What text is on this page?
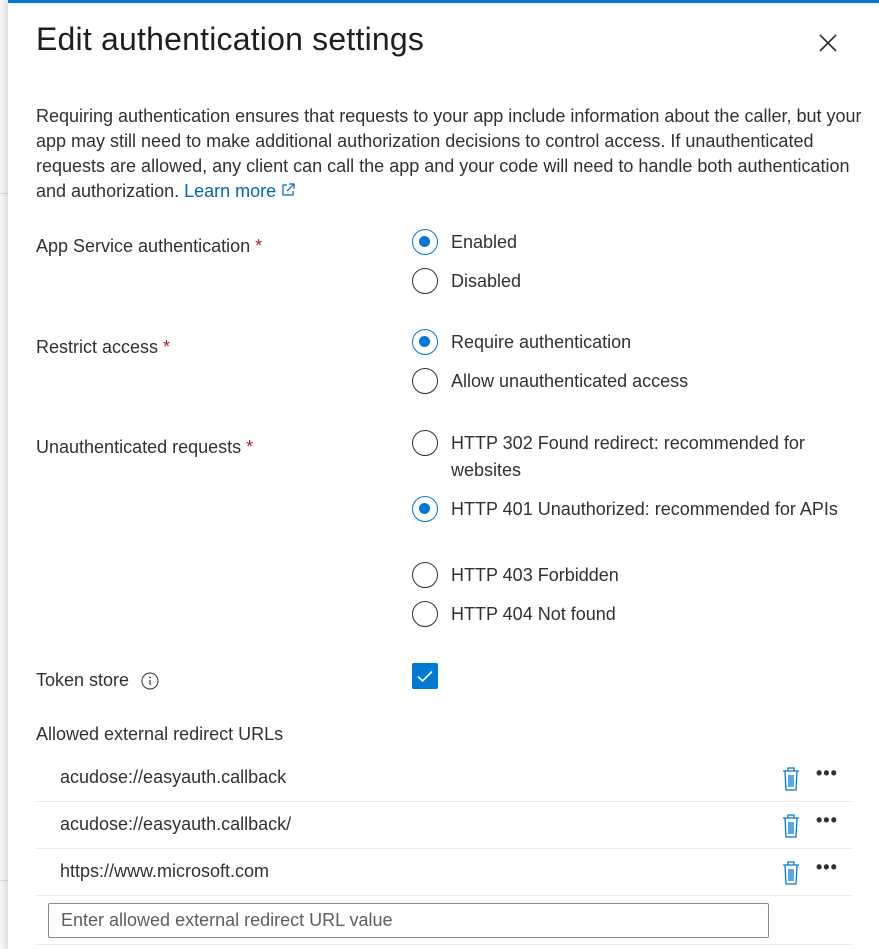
Edit authentication settings

Requiring authentication ensures that requests to your app include information about the caller, but your app may still need to make additional authorization decisions to control access. If unauthenticated requests are allowed, any client can call the app and your code will need to handle both authentication and authorization. Learn more

App Service authentication *	Enabled
Disabled
Restrict access *	Require authentication
Allow unauthenticated access
Unauthenticated requests *	HTTP 302 Found redirect: recommended for websites
HTTP 401 Unauthorized: recommended for APIs
HTTP 403 Forbidden
HTTP 404 Not found
Token store
Allowed external redirect URLs
acudose://easyauth.callback	•••
acudose://easyauth.callback/	•••
https://www.microsoft.com	•••
Enter allowed external redirect URL value
